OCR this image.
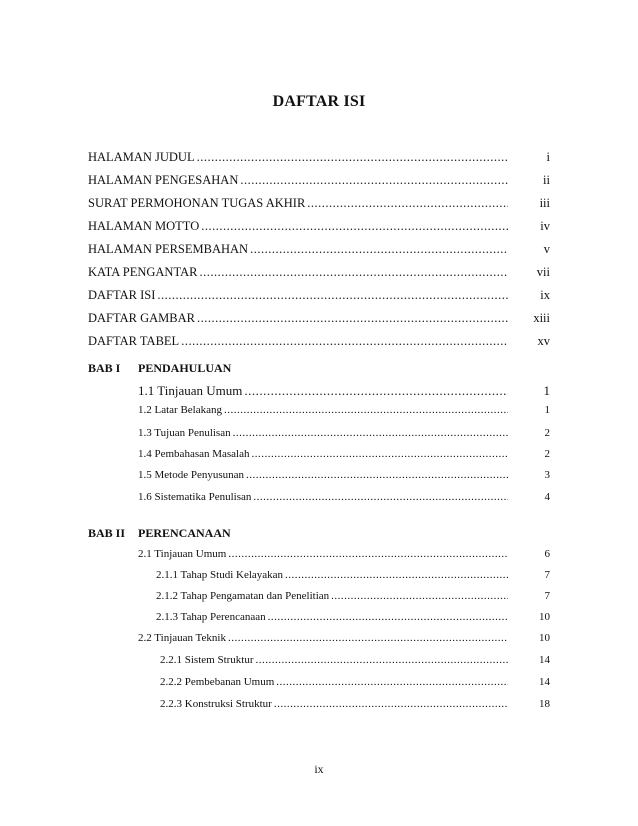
DAFTAR ISI
HALAMAN JUDUL .....	i
HALAMAN PENGESAHAN .....	ii
SURAT PERMOHONAN TUGAS AKHIR .....	iii
HALAMAN MOTTO .....	iv
HALAMAN PERSEMBAHAN .....	v
KATA PENGANTAR .....	vii
DAFTAR ISI .....	ix
DAFTAR GAMBAR .....	xiii
DAFTAR TABEL .....	xv
BAB I PENDAHULUAN
1.1 Tinjauan Umum .....	1
1.2 Latar Belakang .....	1
1.3 Tujuan Penulisan .....	2
1.4 Pembahasan Masalah .....	2
1.5 Metode Penyusunan .....	3
1.6 Sistematika Penulisan .....	4
BAB II PERENCANAAN
2.1 Tinjauan Umum .....	6
2.1.1 Tahap Studi Kelayakan .....	7
2.1.2 Tahap Pengamatan dan Penelitian .....	7
2.1.3 Tahap Perencanaan .....	10
2.2 Tinjauan Teknik .....	10
2.2.1 Sistem Struktur .....	14
2.2.2 Pembebanan Umum .....	14
2.2.3 Konstruksi Struktur .....	18
ix
